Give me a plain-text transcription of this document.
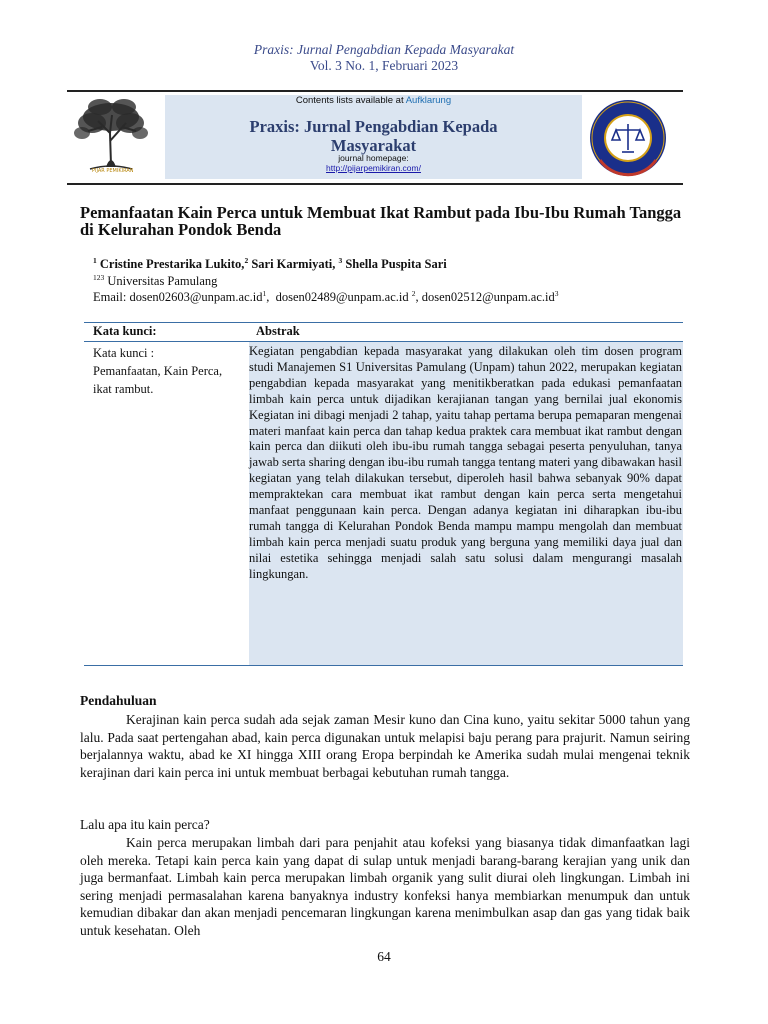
Praxis: Jurnal Pengabdian Kepada Masyarakat
Vol. 3 No. 1, Februari 2023
PIJAR PEMIKIRAN
Contents lists available at Aufklarung
Praxis: Jurnal Pengabdian Kepada
Masyarakat
journal homepage:
http://pijarpemikiran.com/
Pemanfaatan Kain Perca untuk Membuat Ikat Rambut pada Ibu-Ibu Rumah Tangga di Kelurahan Pondok Benda
$^1$ Cristine Prestarika Lukito,$^2$ Sari Karmiyati, $^3$ Shella Puspita Sari
$^{123}$ Universitas Pamulang
Email: $dosen02603@unpam.ac.id^1$,  dosen02489@unpam.ac.id $^2$, $dosen02512@unpam.ac.id^3$
Kata kunci:	Abstrak
Kata kunci :
Pemanfaatan, Kain Perca, ikat rambut.
Kegiatan pengabdian kepada masyarakat yang dilakukan oleh tim dosen program studi Manajemen S1 Universitas Pamulang (Unpam) tahun 2022, merupakan kegiatan pengabdian kepada masyarakat yang menitikberatkan pada edukasi pemanfaatan limbah kain perca untuk dijadikan kerajianan tangan yang bernilai jual ekonomis Kegiatan ini dibagi menjadi 2 tahap, yaitu tahap pertama berupa pemaparan mengenai materi manfaat kain perca dan tahap kedua praktek cara membuat ikat rambut dengan kain perca dan diikuti oleh ibu-ibu rumah tangga sebagai peserta penyuluhan, tanya jawab serta sharing dengan ibu-ibu rumah tangga tentang materi yang dibawakan hasil kegiatan yang telah dilakukan tersebut, diperoleh hasil bahwa sebanyak 90% dapat mempraktekan cara membuat ikat rambut dengan kain perca serta mengetahui manfaat penggunaan kain perca. Dengan adanya kegiatan ini diharapkan ibu-ibu rumah tangga di Kelurahan Pondok Benda mampu mampu mengolah dan membuat limbah kain perca menjadi suatu produk yang berguna yang memiliki daya jual dan nilai estetika sehingga menjadi salah satu solusi dalam mengurangi masalah lingkungan.
Pendahuluan
Kerajinan kain perca sudah ada sejak zaman Mesir kuno dan Cina kuno, yaitu sekitar 5000 tahun yang lalu. Pada saat pertengahan abad, kain perca digunakan untuk melapisi baju perang para prajurit. Namun seiring berjalannya waktu, abad ke XI hingga XIII orang Eropa berpindah ke Amerika sudah mulai mengenai teknik kerajinan dari kain perca ini untuk membuat berbagai kebutuhan rumah tangga.
Lalu apa itu kain perca?
Kain perca merupakan limbah dari para penjahit atau kofeksi yang biasanya tidak dimanfaatkan lagi oleh mereka. Tetapi kain perca kain yang dapat di sulap untuk menjadi barang-barang kerajian yang unik dan juga bermanfaat. Limbah kain perca merupakan limbah organik yang sulit diurai oleh lingkungan. Limbah ini sering menjadi permasalahan karena banyaknya industry konfeksi hanya membiarkan menumpuk dan untuk kemudian dibakar dan akan menjadi pencemaran lingkungan karena menimbulkan asap dan gas yang tidak baik untuk kesehatan. Oleh
64
